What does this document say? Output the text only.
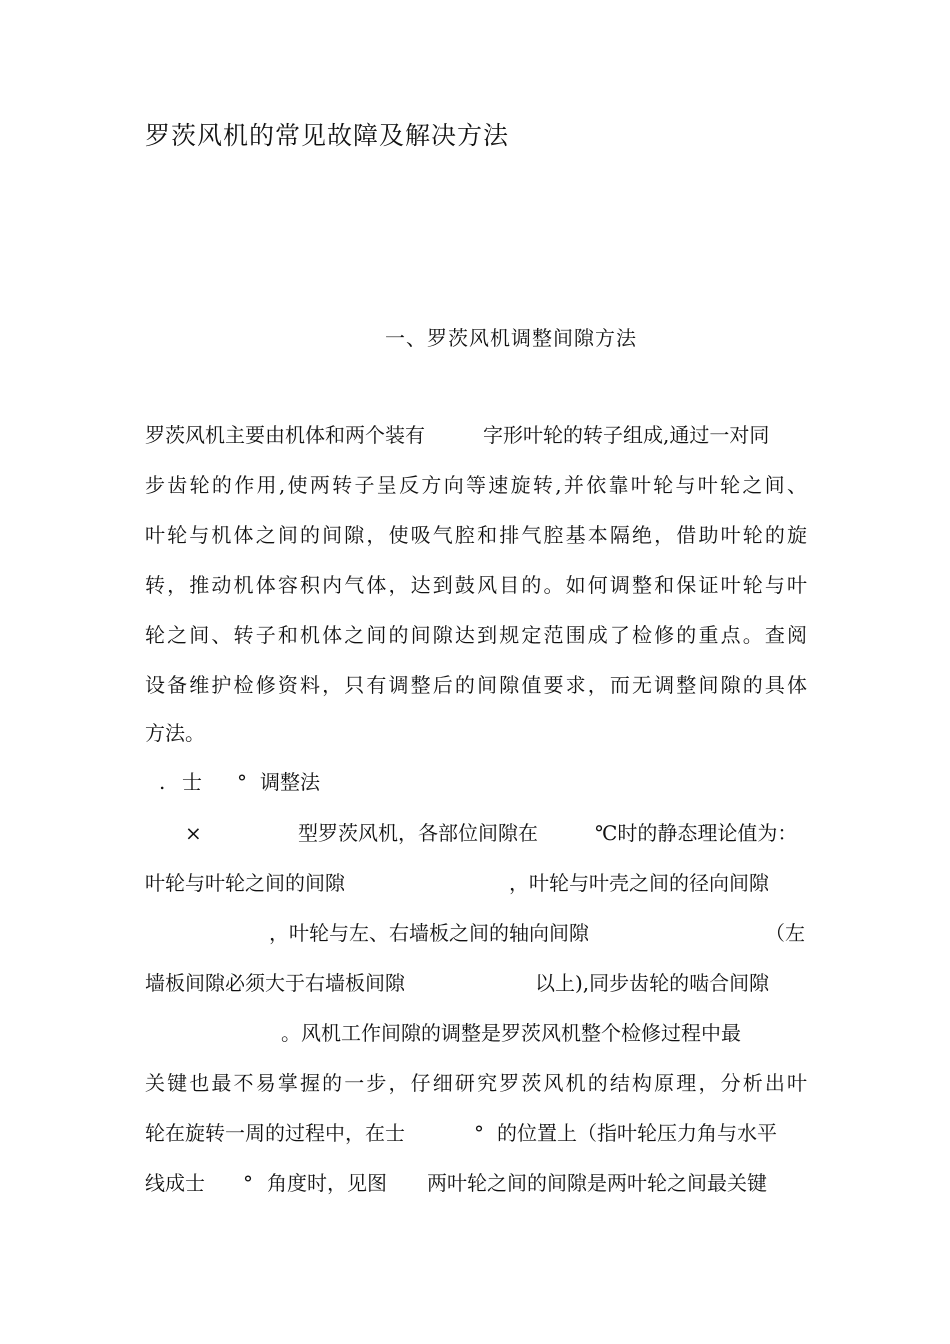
罗茨风机的常见故障及解决方法
一、罗茨风机调整间隙方法
罗茨风机主要由机体和两个装有	字形叶轮的转子组成,通过一对同
步齿轮的作用,使两转子呈反方向等速旋转,并依靠叶轮与叶轮之间、
叶轮与机体之间的间隙，使吸气腔和排气腔基本隔绝，借助叶轮的旋
转，推动机体容积内气体，达到鼓风目的。如何调整和保证叶轮与叶
轮之间、转子和机体之间的间隙达到规定范围成了检修的重点。查阅
设备维护检修资料，只有调整后的间隙值要求，而无调整间隙的具体
方法。
. 士 ° 调整法
×	型罗茨风机，各部位间隙在	℃时的静态理论值为：
叶轮与叶轮之间的间隙	，叶轮与叶壳之间的径向间隙
，叶轮与左、右墙板之间的轴向间隙	（左
墙板间隙必须大于右墙板间隙	以上),同步齿轮的啮合间隙
。风机工作间隙的调整是罗茨风机整个检修过程中最
关键也最不易掌握的一步，仔细研究罗茨风机的结构原理，分析出叶
轮在旋转一周的过程中，在士	° 的位置上（指叶轮压力角与水平
线成士 ° 角度时，见图 两叶轮之间的间隙是两叶轮之间最关键
